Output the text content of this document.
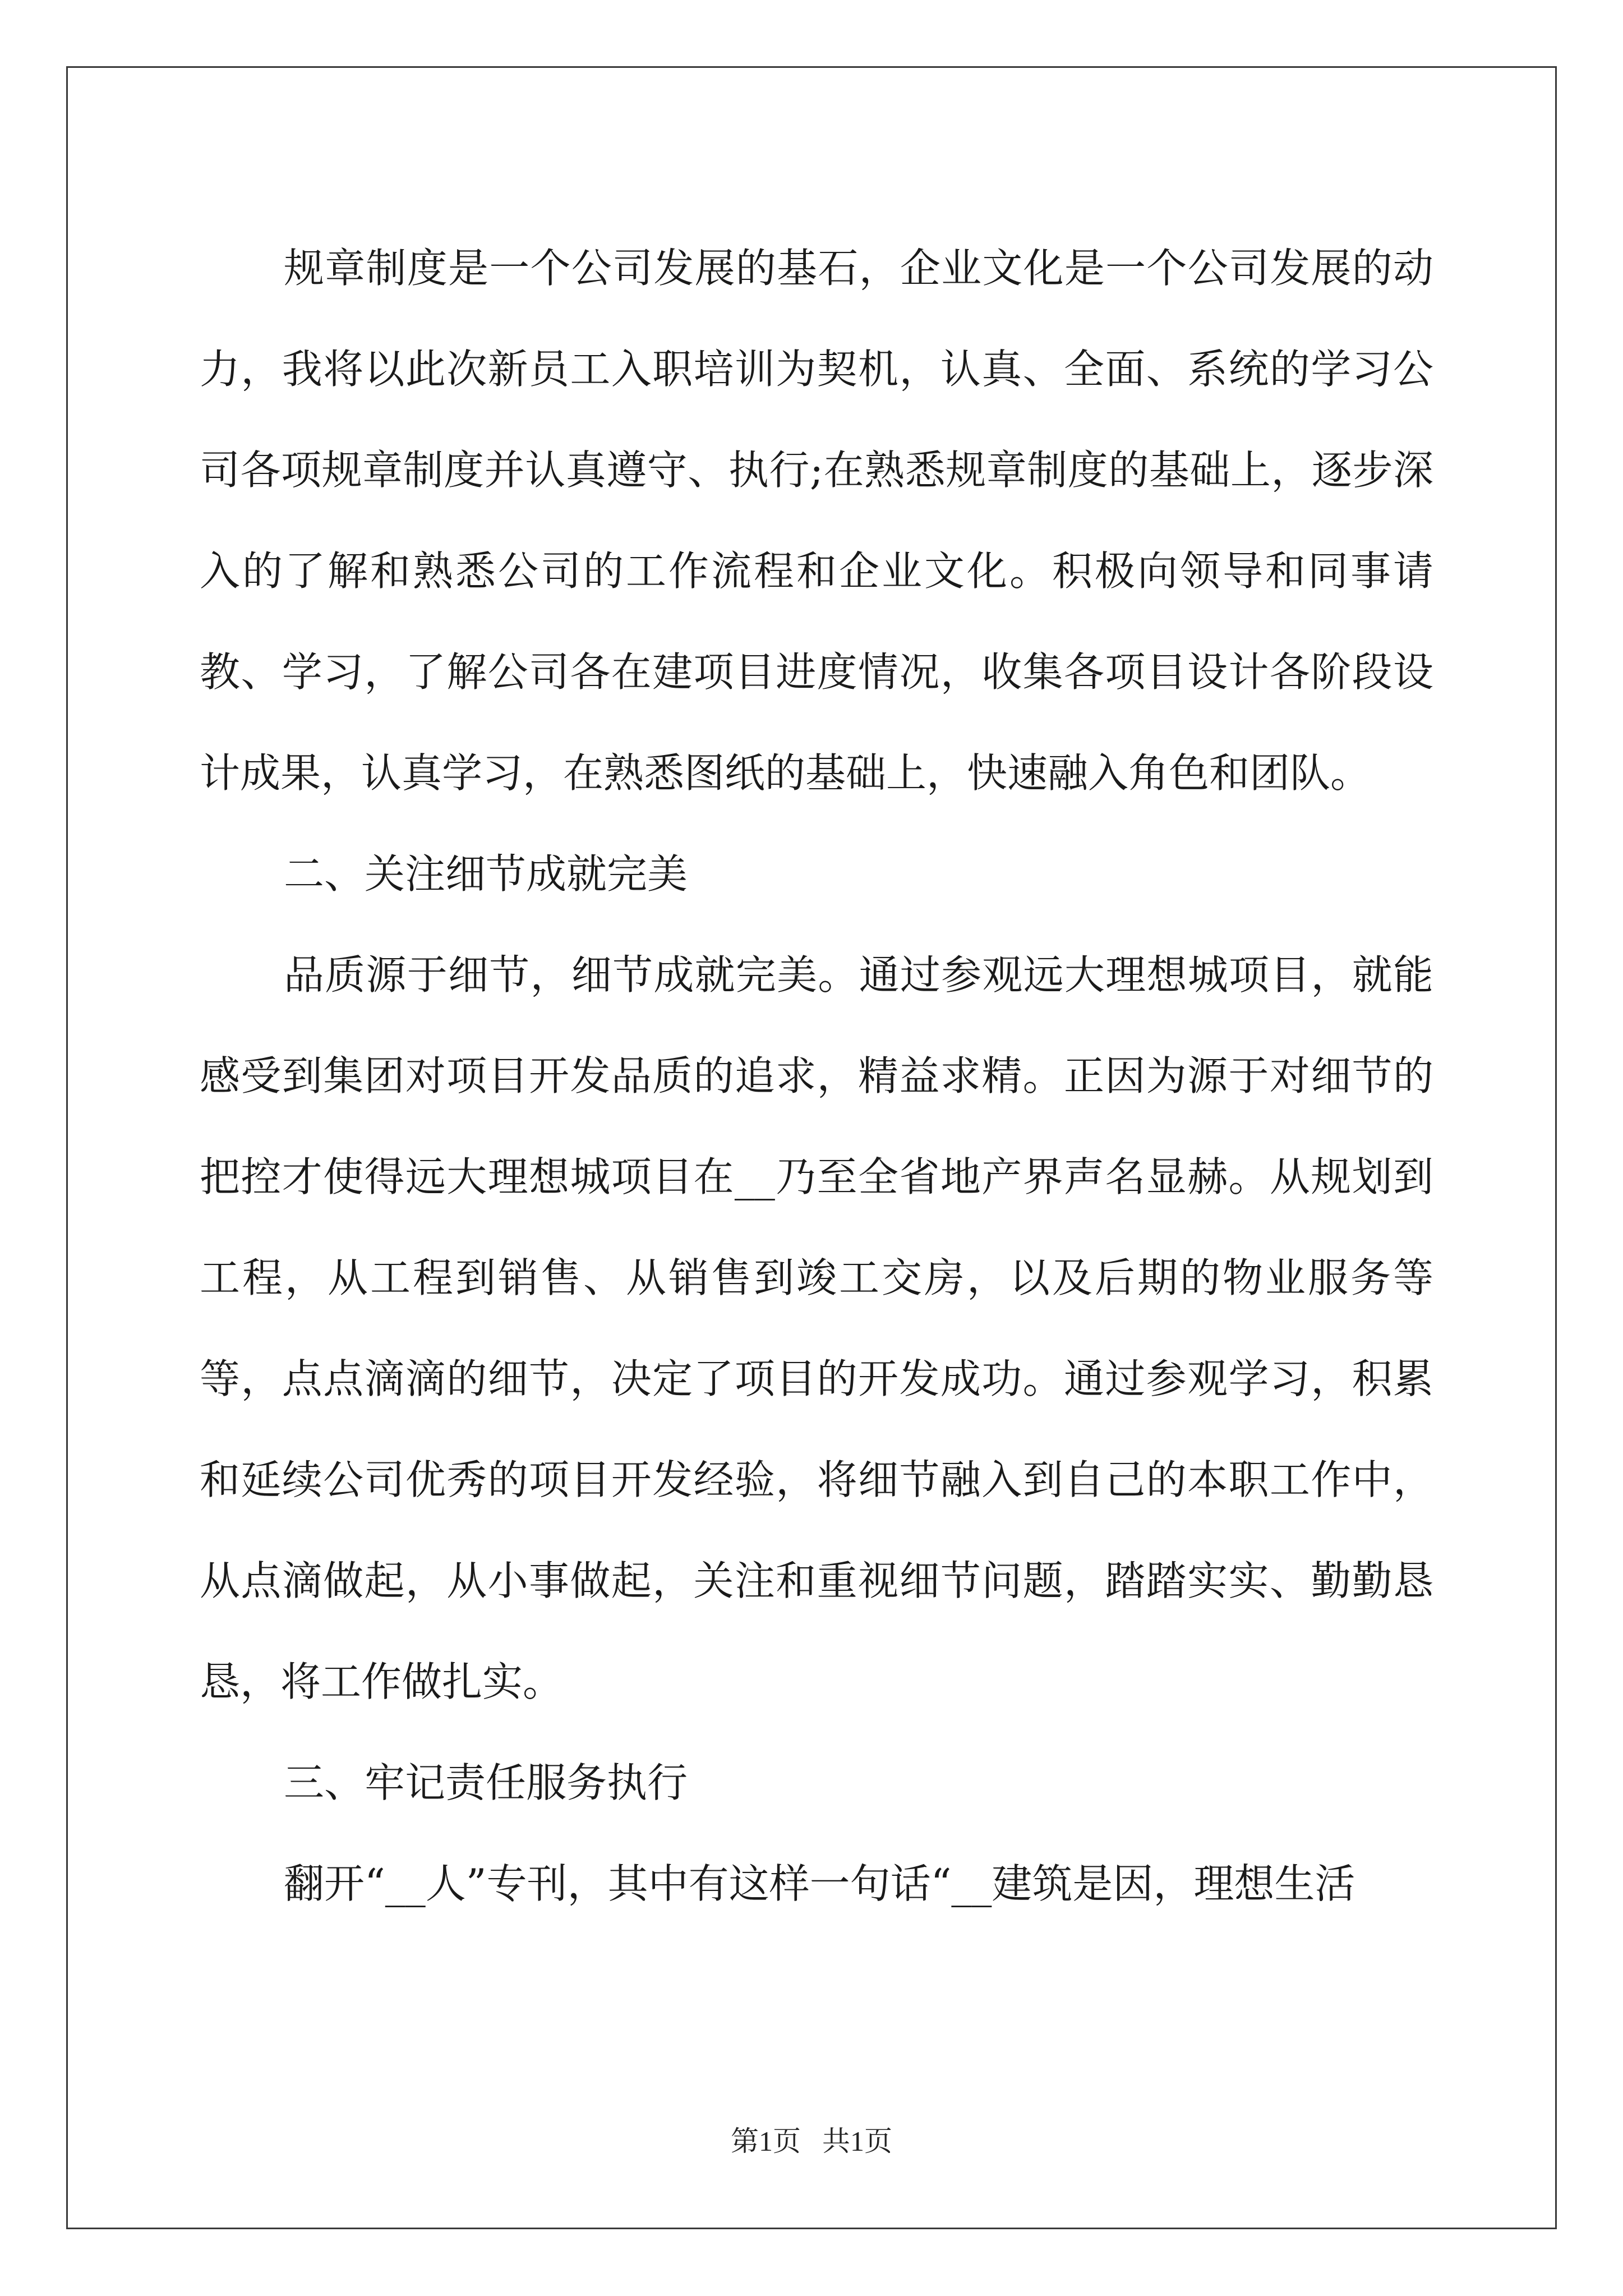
规章制度是一个公司发展的基石，企业文化是一个公司发展的动力，我将以此次新员工入职培训为契机，认真、全面、系统的学习公司各项规章制度并认真遵守、执行;在熟悉规章制度的基础上，逐步深入的了解和熟悉公司的工作流程和企业文化。积极向领导和同事请教、学习，了解公司各在建项目进度情况，收集各项目设计各阶段设计成果，认真学习，在熟悉图纸的基础上，快速融入角色和团队。

二、关注细节成就完美

品质源于细节，细节成就完美。通过参观远大理想城项目，就能感受到集团对项目开发品质的追求，精益求精。正因为源于对细节的把控才使得远大理想城项目在__乃至全省地产界声名显赫。从规划到工程，从工程到销售、从销售到竣工交房，以及后期的物业服务等等，点点滴滴的细节，决定了项目的开发成功。通过参观学习，积累和延续公司优秀的项目开发经验，将细节融入到自己的本职工作中，从点滴做起，从小事做起，关注和重视细节问题，踏踏实实、勤勤恳恳，将工作做扎实。

三、牢记责任服务执行

翻开“__人”专刊，其中有这样一句话“__建筑是因，理想生活

第1页 共1页
